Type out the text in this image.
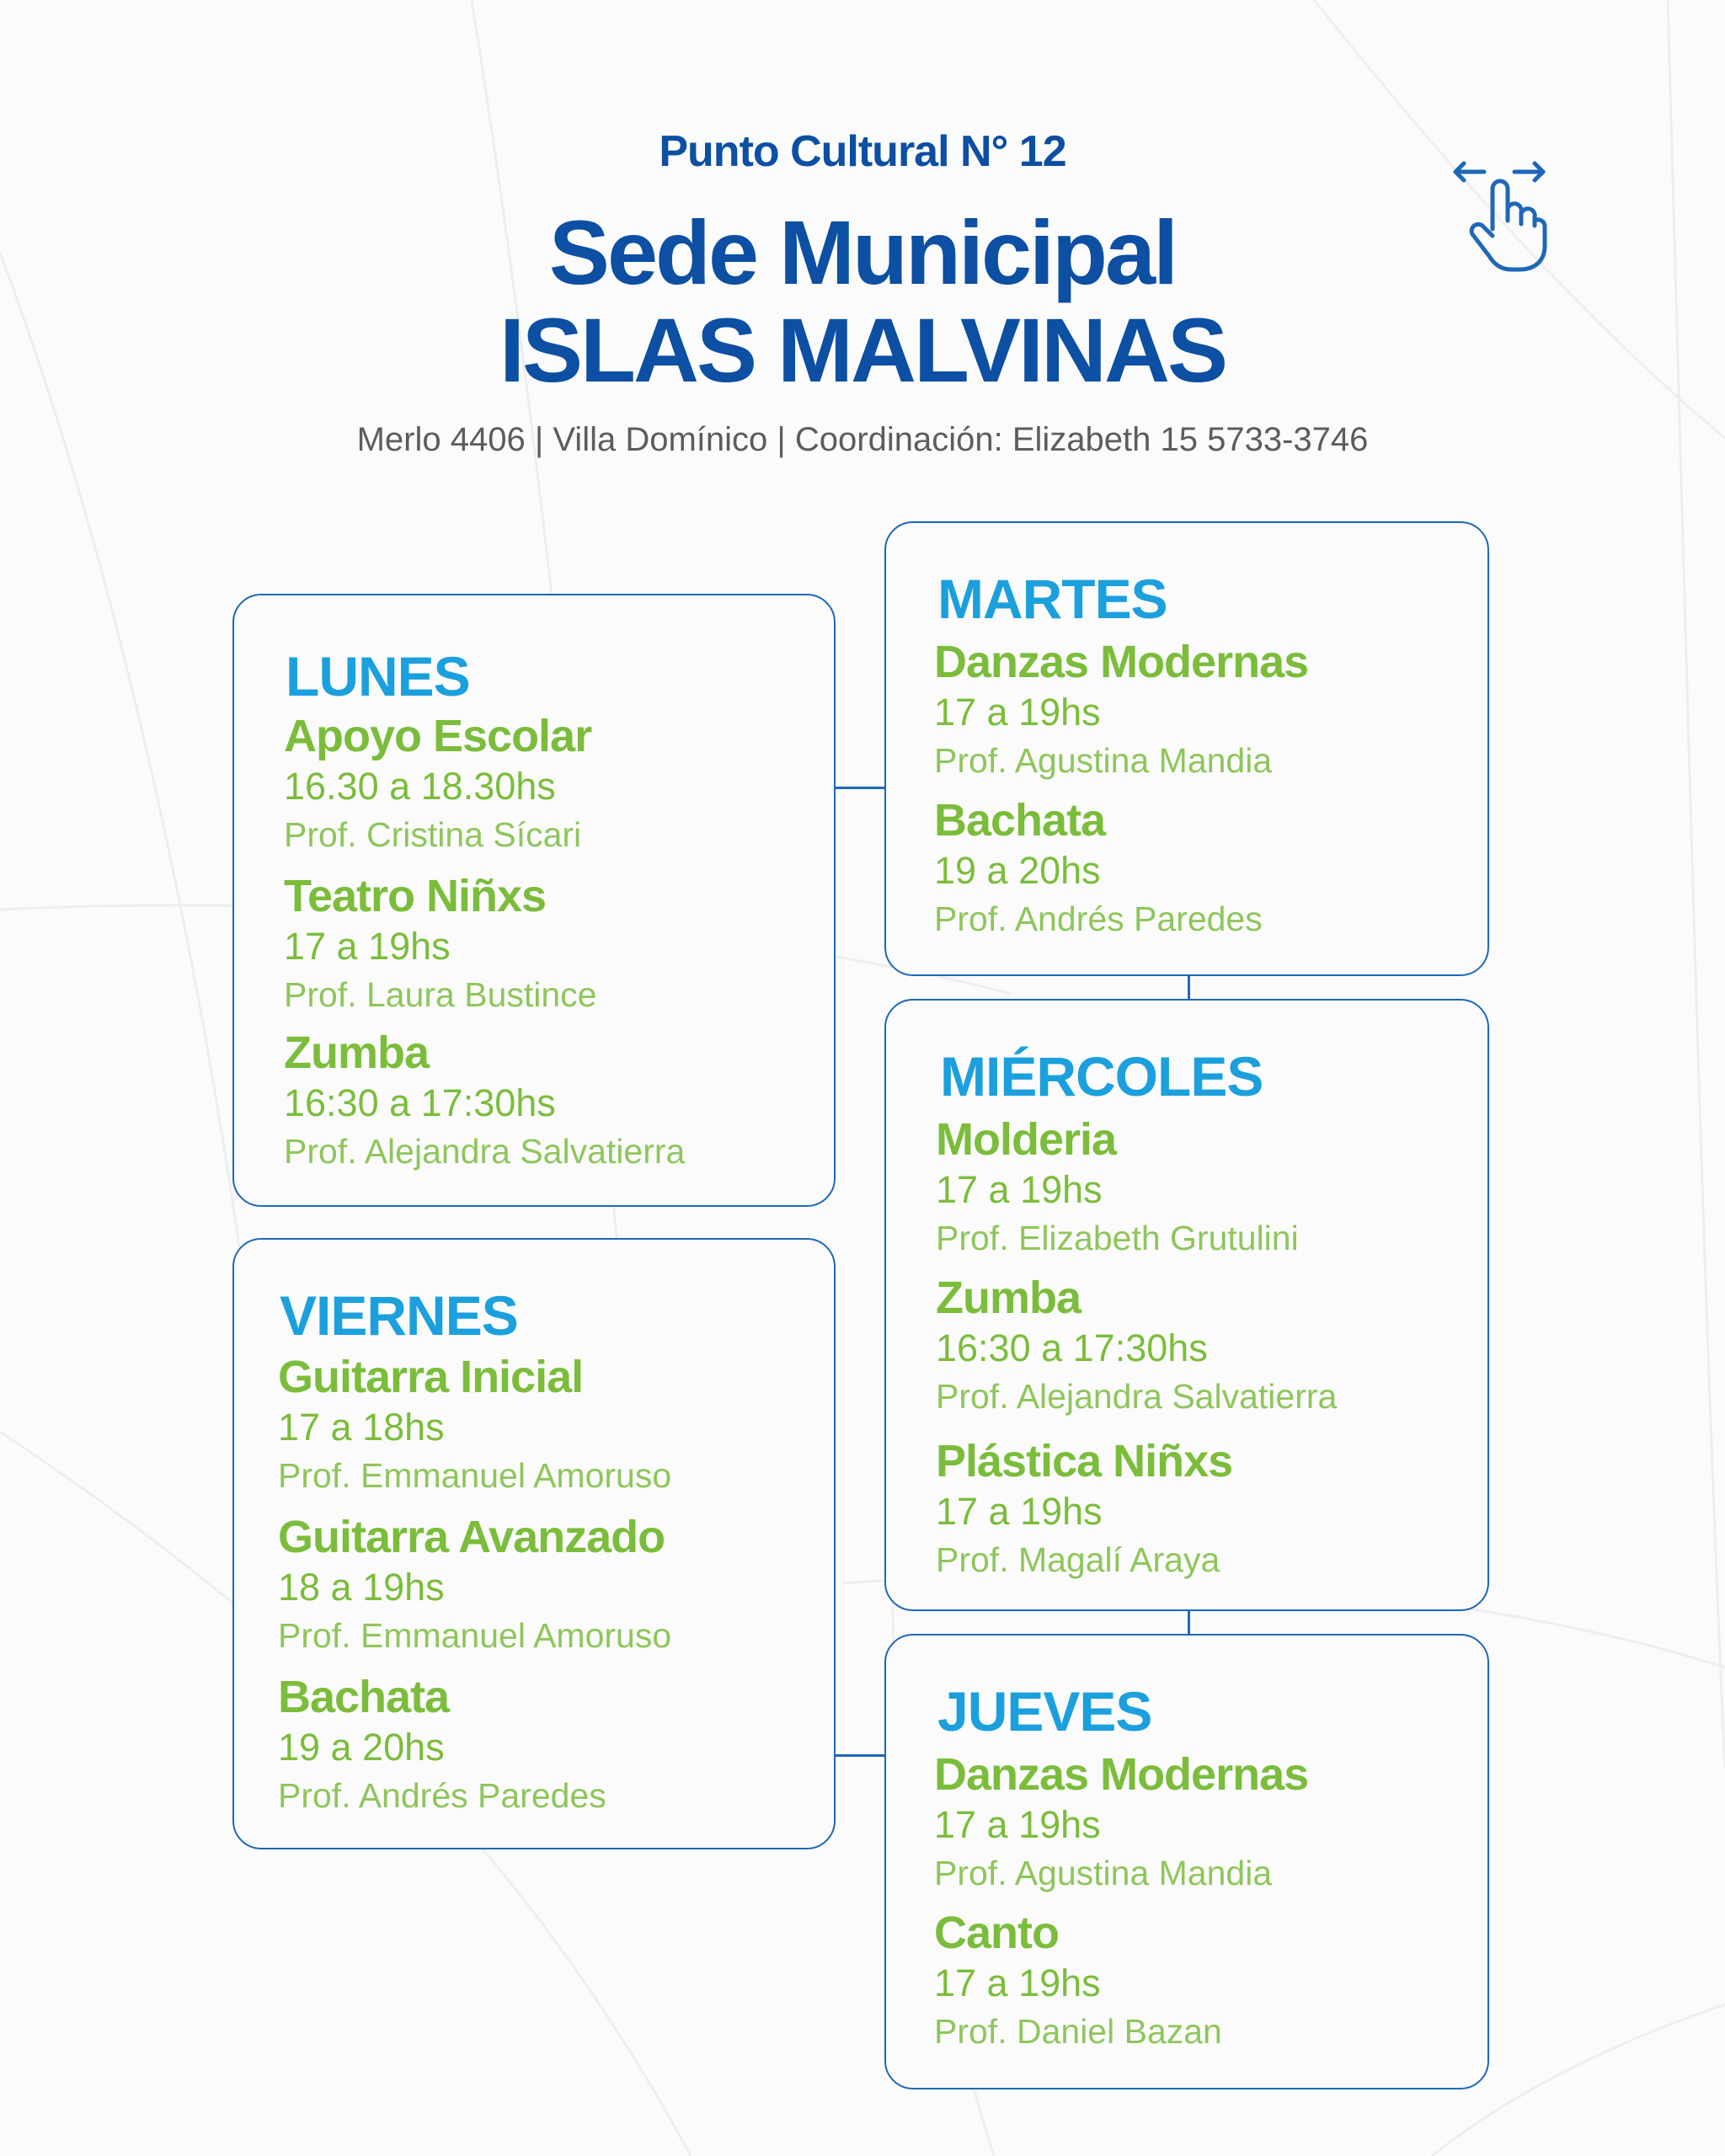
Punto Cultural N° 12
Sede Municipal
ISLAS MALVINAS
Merlo 4406 | Villa Domínico | Coordinación: Elizabeth 15 5733-3746
LUNES
Apoyo Escolar
16.30 a 18.30hs
Prof. Cristina Sícari
Teatro Niñxs
17 a 19hs
Prof. Laura Bustince
Zumba
16:30 a 17:30hs
Prof. Alejandra Salvatierra
VIERNES
Guitarra Inicial
17 a 18hs
Prof. Emmanuel Amoruso
Guitarra Avanzado
18 a 19hs
Prof. Emmanuel Amoruso
Bachata
19 a 20hs
Prof. Andrés Paredes
MARTES
Danzas Modernas
17 a 19hs
Prof. Agustina Mandia
Bachata
19 a 20hs
Prof. Andrés Paredes
MIÉRCOLES
Molderia
17 a 19hs
Prof. Elizabeth Grutulini
Zumba
16:30 a 17:30hs
Prof. Alejandra Salvatierra
Plástica Niñxs
17 a 19hs
Prof. Magalí Araya
JUEVES
Danzas Modernas
17 a 19hs
Prof. Agustina Mandia
Canto
17 a 19hs
Prof. Daniel Bazan
